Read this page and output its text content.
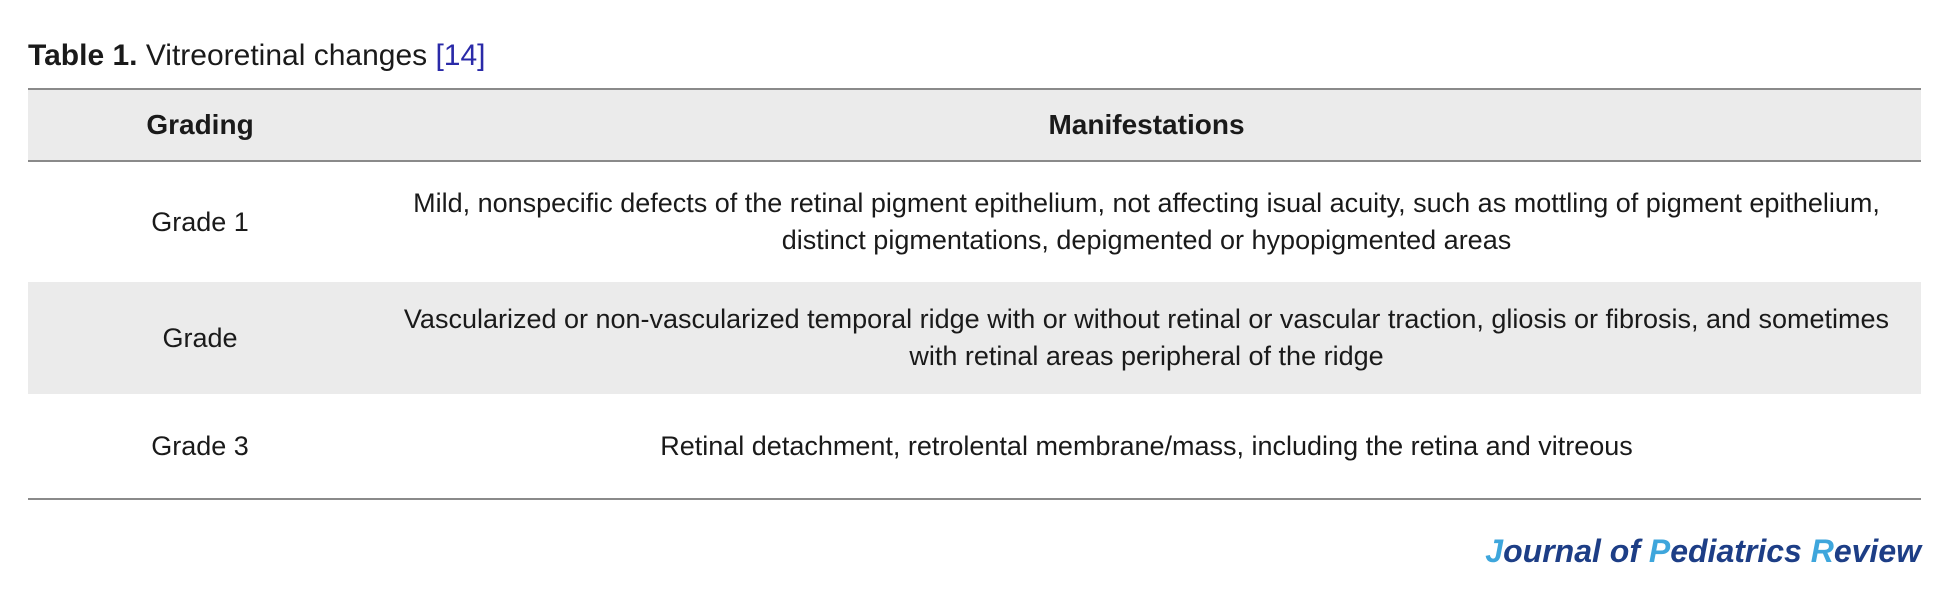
Table 1. Vitreoretinal changes [14]
Grading	Manifestations
Grade 1	Mild, nonspecific defects of the retinal pigment epithelium, not affecting isual acuity, such as mottling of pigment epithelium, distinct pigmentations, depigmented or hypopigmented areas
Grade	Vascularized or non-vascularized temporal ridge with or without retinal or vascular traction, gliosis or fibrosis, and sometimes with retinal areas peripheral of the ridge
Grade 3	Retinal detachment, retrolental membrane/mass, including the retina and vitreous
Journal of Pediatrics Review
